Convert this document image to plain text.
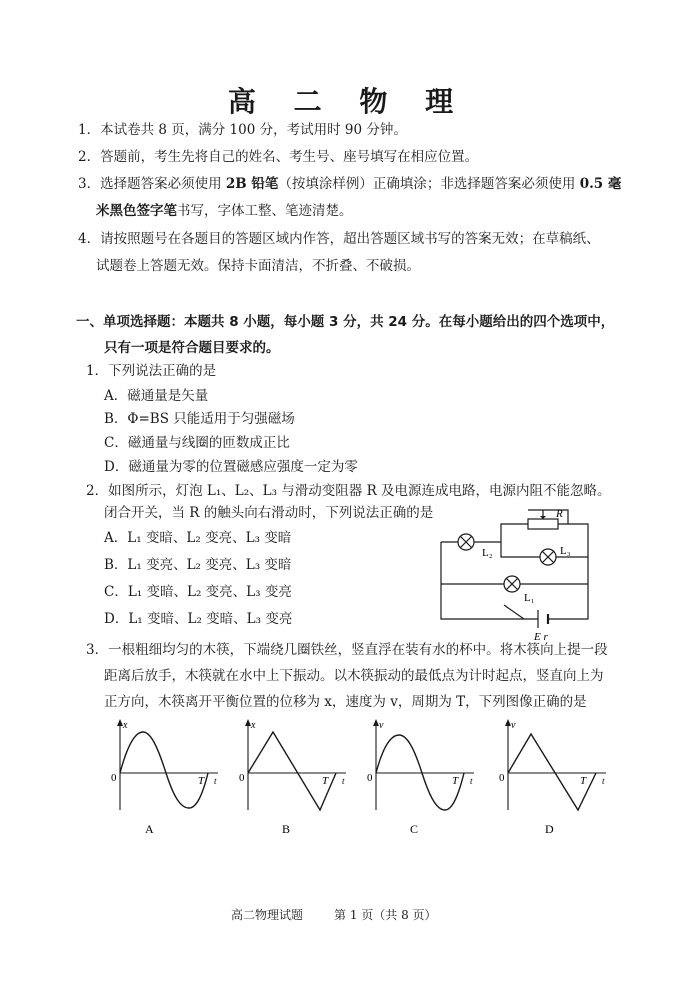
高 二 物 理
1．本试卷共 8 页，满分 100 分，考试用时 90 分钟。
2．答题前，考生先将自己的姓名、考生号、座号填写在相应位置。
3．选择题答案必须使用 2B 铅笔（按填涂样例）正确填涂；非选择题答案必须使用 0.5 毫
米黑色签字笔书写，字体工整、笔迹清楚。
4．请按照题号在各题目的答题区域内作答，超出答题区域书写的答案无效；在草稿纸、
试题卷上答题无效。保持卡面清洁，不折叠、不破损。
一、单项选择题：本题共 8 小题，每小题 3 分，共 24 分。在每小题给出的四个选项中，
只有一项是符合题目要求的。
1．下列说法正确的是
A．磁通量是矢量
B．Φ=BS 只能适用于匀强磁场
C．磁通量与线圈的匝数成正比
D．磁通量为零的位置磁感应强度一定为零
2．如图所示，灯泡 L₁、L₂、L₃ 与滑动变阻器 R 及电源连成电路，电源内阻不能忽略。
闭合开关，当 R 的触头向右滑动时，下列说法正确的是
A．L₁ 变暗、L₂ 变亮、L₃ 变暗
B．L₁ 变亮、L₂ 变亮、L₃ 变暗
C．L₁ 变暗、L₂ 变亮、L₃ 变亮
D．L₁ 变暗、L₂ 变暗、L₃ 变亮
R
L₂	L₃
L₁
E r
3．一根粗细均匀的木筷，下端绕几圈铁丝，竖直浮在装有水的杯中。将木筷向上提一段
距离后放手，木筷就在水中上下振动。以木筷振动的最低点为计时起点，竖直向上为
正方向，木筷离开平衡位置的位移为 x，速度为 v，周期为 T，下列图像正确的是
x
0	T t
A
x
0	T t
B
v
0	T t
C
v
0	T t
D
高二物理试题	第 1 页（共 8 页）
